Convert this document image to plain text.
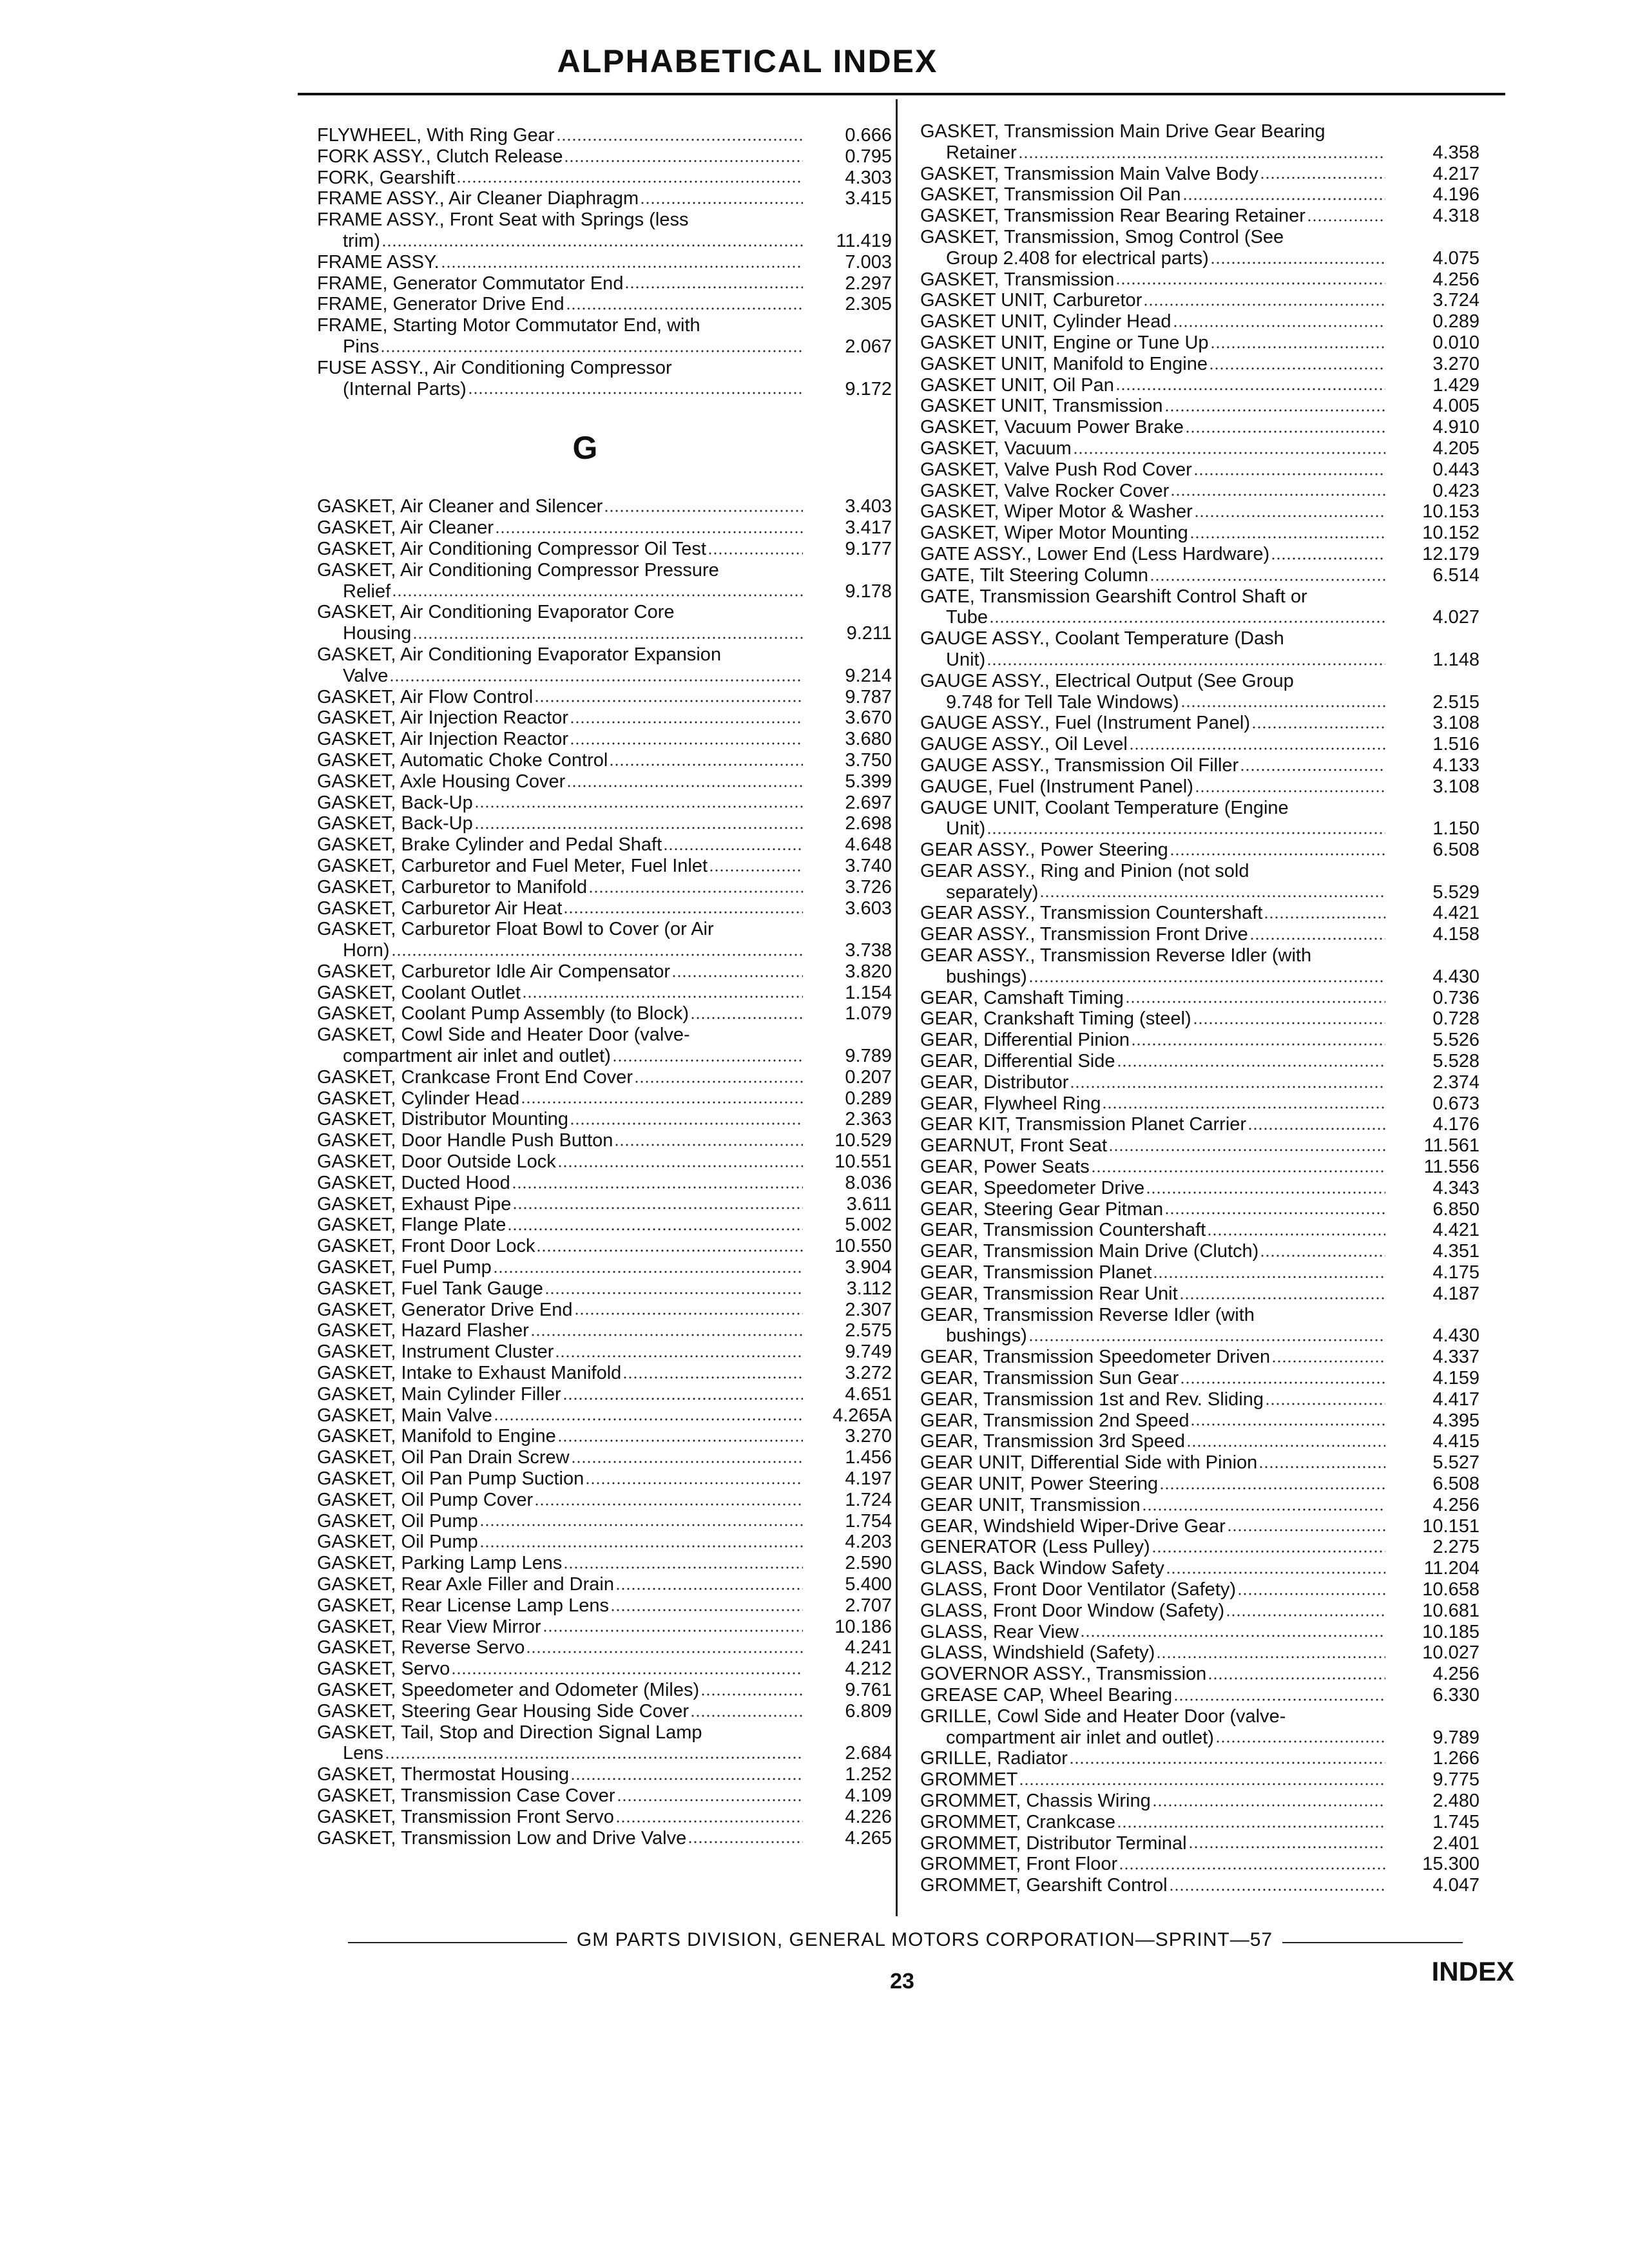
ALPHABETICAL INDEX
FLYWHEEL, With Ring Gear	0.666
FORK ASSY., Clutch Release	0.795
FORK, Gearshift	4.303
FRAME ASSY., Air Cleaner Diaphragm	3.415
FRAME ASSY., Front Seat with Springs (less
trim)	11.419
FRAME ASSY.	7.003
FRAME, Generator Commutator End	2.297
FRAME, Generator Drive End	2.305
FRAME, Starting Motor Commutator End, with
Pins	2.067
FUSE ASSY., Air Conditioning Compressor
(Internal Parts)	9.172
G
GASKET, Air Cleaner and Silencer	3.403
GASKET, Air Cleaner	3.417
GASKET, Air Conditioning Compressor Oil Test	9.177
GASKET, Air Conditioning Compressor Pressure
Relief	9.178
GASKET, Air Conditioning Evaporator Core
Housing	9.211
GASKET, Air Conditioning Evaporator Expansion
Valve	9.214
GASKET, Air Flow Control	9.787
GASKET, Air Injection Reactor	3.670
GASKET, Air Injection Reactor	3.680
GASKET, Automatic Choke Control	3.750
GASKET, Axle Housing Cover	5.399
GASKET, Back-Up	2.697
GASKET, Back-Up	2.698
GASKET, Brake Cylinder and Pedal Shaft	4.648
GASKET, Carburetor and Fuel Meter, Fuel Inlet	3.740
GASKET, Carburetor to Manifold	3.726
GASKET, Carburetor Air Heat	3.603
GASKET, Carburetor Float Bowl to Cover (or Air
Horn)	3.738
GASKET, Carburetor Idle Air Compensator	3.820
GASKET, Coolant Outlet	1.154
GASKET, Coolant Pump Assembly (to Block)	1.079
GASKET, Cowl Side and Heater Door (valve-
compartment air inlet and outlet)	9.789
GASKET, Crankcase Front End Cover	0.207
GASKET, Cylinder Head	0.289
GASKET, Distributor Mounting	2.363
GASKET, Door Handle Push Button	10.529
GASKET, Door Outside Lock	10.551
GASKET, Ducted Hood	8.036
GASKET, Exhaust Pipe	3.611
GASKET, Flange Plate	5.002
GASKET, Front Door Lock	10.550
GASKET, Fuel Pump	3.904
GASKET, Fuel Tank Gauge	3.112
GASKET, Generator Drive End	2.307
GASKET, Hazard Flasher	2.575
GASKET, Instrument Cluster	9.749
GASKET, Intake to Exhaust Manifold	3.272
GASKET, Main Cylinder Filler	4.651
GASKET, Main Valve	4.265A
GASKET, Manifold to Engine	3.270
GASKET, Oil Pan Drain Screw	1.456
GASKET, Oil Pan Pump Suction	4.197
GASKET, Oil Pump Cover	1.724
GASKET, Oil Pump	1.754
GASKET, Oil Pump	4.203
GASKET, Parking Lamp Lens	2.590
GASKET, Rear Axle Filler and Drain	5.400
GASKET, Rear License Lamp Lens	2.707
GASKET, Rear View Mirror	10.186
GASKET, Reverse Servo	4.241
GASKET, Servo	4.212
GASKET, Speedometer and Odometer (Miles)	9.761
GASKET, Steering Gear Housing Side Cover	6.809
GASKET, Tail, Stop and Direction Signal Lamp
Lens	2.684
GASKET, Thermostat Housing	1.252
GASKET, Transmission Case Cover	4.109
GASKET, Transmission Front Servo	4.226
GASKET, Transmission Low and Drive Valve	4.265
GASKET, Transmission Main Drive Gear Bearing
Retainer	4.358
GASKET, Transmission Main Valve Body	4.217
GASKET, Transmission Oil Pan	4.196
GASKET, Transmission Rear Bearing Retainer	4.318
GASKET, Transmission, Smog Control (See
Group 2.408 for electrical parts)	4.075
GASKET, Transmission	4.256
GASKET UNIT, Carburetor	3.724
GASKET UNIT, Cylinder Head	0.289
GASKET UNIT, Engine or Tune Up	0.010
GASKET UNIT, Manifold to Engine	3.270
GASKET UNIT, Oil Pan	1.429
GASKET UNIT, Transmission	4.005
GASKET, Vacuum Power Brake	4.910
GASKET, Vacuum	4.205
GASKET, Valve Push Rod Cover	0.443
GASKET, Valve Rocker Cover	0.423
GASKET, Wiper Motor & Washer	10.153
GASKET, Wiper Motor Mounting	10.152
GATE ASSY., Lower End (Less Hardware)	12.179
GATE, Tilt Steering Column	6.514
GATE, Transmission Gearshift Control Shaft or
Tube	4.027
GAUGE ASSY., Coolant Temperature (Dash
Unit)	1.148
GAUGE ASSY., Electrical Output (See Group
9.748 for Tell Tale Windows)	2.515
GAUGE ASSY., Fuel (Instrument Panel)	3.108
GAUGE ASSY., Oil Level	1.516
GAUGE ASSY., Transmission Oil Filler	4.133
GAUGE, Fuel (Instrument Panel)	3.108
GAUGE UNIT, Coolant Temperature (Engine
Unit)	1.150
GEAR ASSY., Power Steering	6.508
GEAR ASSY., Ring and Pinion (not sold
separately)	5.529
GEAR ASSY., Transmission Countershaft	4.421
GEAR ASSY., Transmission Front Drive	4.158
GEAR ASSY., Transmission Reverse Idler (with
bushings)	4.430
GEAR, Camshaft Timing	0.736
GEAR, Crankshaft Timing (steel)	0.728
GEAR, Differential Pinion	5.526
GEAR, Differential Side	5.528
GEAR, Distributor	2.374
GEAR, Flywheel Ring	0.673
GEAR KIT, Transmission Planet Carrier	4.176
GEARNUT, Front Seat	11.561
GEAR, Power Seats	11.556
GEAR, Speedometer Drive	4.343
GEAR, Steering Gear Pitman	6.850
GEAR, Transmission Countershaft	4.421
GEAR, Transmission Main Drive (Clutch)	4.351
GEAR, Transmission Planet	4.175
GEAR, Transmission Rear Unit	4.187
GEAR, Transmission Reverse Idler (with
bushings)	4.430
GEAR, Transmission Speedometer Driven	4.337
GEAR, Transmission Sun Gear	4.159
GEAR, Transmission 1st and Rev. Sliding	4.417
GEAR, Transmission 2nd Speed	4.395
GEAR, Transmission 3rd Speed	4.415
GEAR UNIT, Differential Side with Pinion	5.527
GEAR UNIT, Power Steering	6.508
GEAR UNIT, Transmission	4.256
GEAR, Windshield Wiper-Drive Gear	10.151
GENERATOR (Less Pulley)	2.275
GLASS, Back Window Safety	11.204
GLASS, Front Door Ventilator (Safety)	10.658
GLASS, Front Door Window (Safety)	10.681
GLASS, Rear View	10.185
GLASS, Windshield (Safety)	10.027
GOVERNOR ASSY., Transmission	4.256
GREASE CAP, Wheel Bearing	6.330
GRILLE, Cowl Side and Heater Door (valve-
compartment air inlet and outlet)	9.789
GRILLE, Radiator	1.266
GROMMET	9.775
GROMMET, Chassis Wiring	2.480
GROMMET, Crankcase	1.745
GROMMET, Distributor Terminal	2.401
GROMMET, Front Floor	15.300
GROMMET, Gearshift Control	4.047
GM PARTS DIVISION, GENERAL MOTORS CORPORATION—SPRINT—57
23	INDEX
